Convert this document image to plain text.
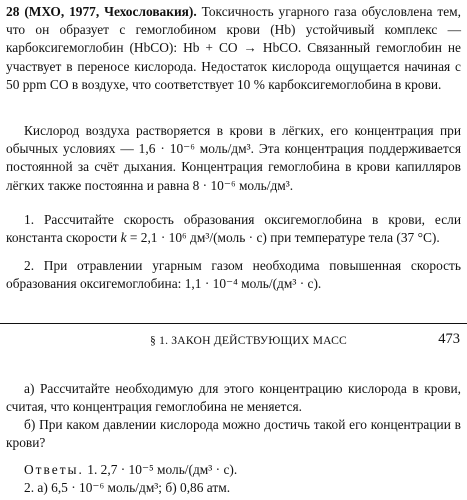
28 (МХО, 1977, Чехословакия). Токсичность угарного газа обусловлена тем, что он образует с гемоглобином крови (Hb) устойчивый комплекс — карбоксигемоглобин (HbCO): Hb + CO → HbCO. Связанный гемоглобин не участвует в переносе кислорода. Недостаток кислорода ощущается начиная с 50 ppm CO в воздухе, что соответствует 10 % карбоксигемоглобина в крови.
Кислород воздуха растворяется в крови в лёгких, его концентрация при обычных условиях — 1,6 · 10⁻⁶ моль/дм³. Эта концентрация поддерживается постоянной за счёт дыхания. Концентрация гемоглобина в крови капилляров лёгких также постоянна и равна 8 · 10⁻⁶ моль/дм³.
1. Рассчитайте скорость образования оксигемоглобина в крови, если константа скорости k = 2,1 · 10⁶ дм³/(моль · с) при температуре тела (37 °С).
2. При отравлении угарным газом необходима повышенная скорость образования оксигемоглобина: 1,1 · 10⁻⁴ моль/(дм³ · с).
§ 1. ЗАКОН ДЕЙСТВУЮЩИХ МАСС	473
а) Рассчитайте необходимую для этого концентрацию кислорода в крови, считая, что концентрация гемоглобина не меняется.
б) При каком давлении кислорода можно достичь такой его концентрации в крови?
Ответы. 1. 2,7 · 10⁻⁵ моль/(дм³ · с).
2. а) 6,5 · 10⁻⁶ моль/дм³; б) 0,86 атм.
